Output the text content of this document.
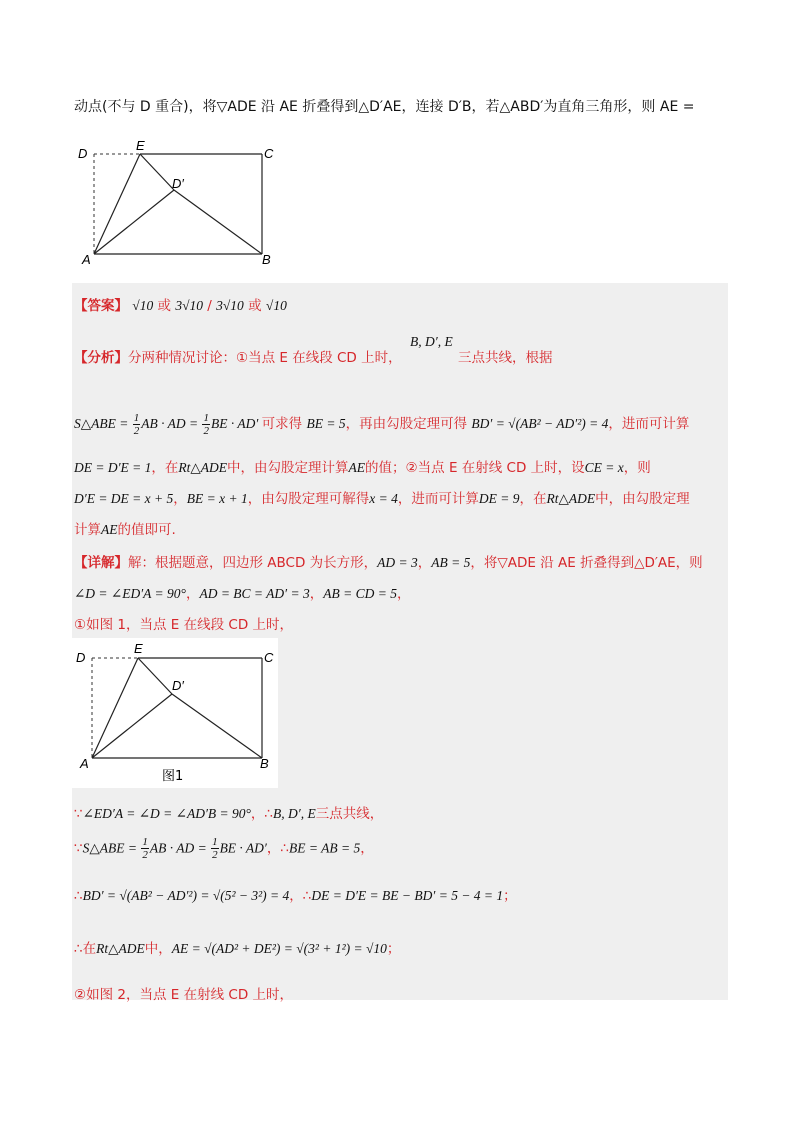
动点(不与 D 重合)，将▽ADE 沿 AE 折叠得到△D′AE，连接 D′B，若△ABD′为直角三角形，则 AE =
D
E
C
D′
A	B
【答案】 √10 或 3√10 / 3√10 或 √10
【分析】分两种情况讨论：①当点 E 在线段 CD 上时，
B, D′, E
三点共线，根据
S△ABE = $\frac{1}{2}$ AB · AD = $\frac{1}{2}$ BE · AD′ 可求得 BE = 5，再由勾股定理可得 BD′ = √(AB² − AD′²) = 4，进而可计算
DE = D′E = 1，在Rt△ADE中，由勾股定理计算AE的值；②当点 E 在射线 CD 上时，设CE = x，则
D′E = DE = x + 5，BE = x + 1，由勾股定理可解得x = 4，进而可计算DE = 9，在Rt△ADE中，由勾股定理
计算AE的值即可.
【详解】解：根据题意，四边形 ABCD 为长方形，AD = 3，AB = 5，将▽ADE 沿 AE 折叠得到△D′AE，则
∠D = ∠ED′A = 90°，AD = BC = AD′ = 3，AB = CD = 5，
①如图 1，当点 E 在线段 CD 上时，
D
E
C
D′
A	B
图1
∵∠ED′A = ∠D = ∠AD′B = 90°，∴B, D′, E三点共线，
∵S△ABE = $\frac{1}{2}$ AB · AD = $\frac{1}{2}$ BE · AD′，∴BE = AB = 5，
∴BD′ = √(AB² − AD′²) = √(5² − 3²) = 4，∴DE = D′E = BE − BD′ = 5 − 4 = 1；
∴在Rt△ADE中，AE = √(AD² + DE²) = √(3² + 1²) = √10；
②如图 2，当点 E 在射线 CD 上时，
